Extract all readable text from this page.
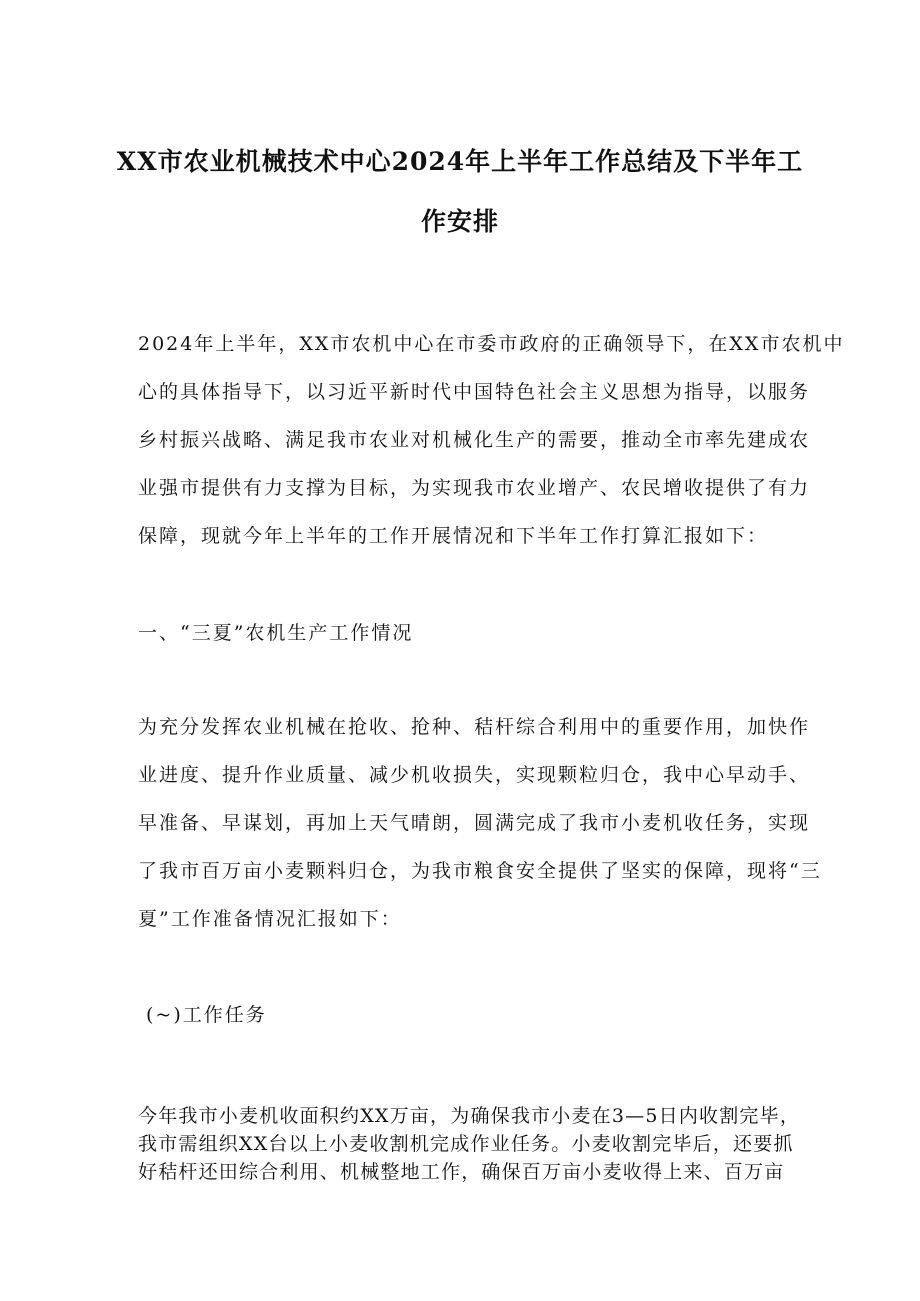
XX市农业机械技术中心2024年上半年工作总结及下半年工
作安排
2024年上半年，XX市农机中心在市委市政府的正确领导下，在XX市农机中
心的具体指导下，以习近平新时代中国特色社会主义思想为指导，以服务
乡村振兴战略、满足我市农业对机械化生产的需要，推动全市率先建成农
业强市提供有力支撑为目标，为实现我市农业增产、农民增收提供了有力
保障，现就今年上半年的工作开展情况和下半年工作打算汇报如下：
一、“三夏”农机生产工作情况
为充分发挥农业机械在抢收、抢种、秸杆综合利用中的重要作用，加快作
业进度、提升作业质量、减少机收损失，实现颗粒归仓，我中心早动手、
早准备、早谋划，再加上天气晴朗，圆满完成了我市小麦机收任务，实现
了我市百万亩小麦颗料归仓，为我市粮食安全提供了坚实的保障，现将“三
夏”工作准备情况汇报如下：
(~)工作任务
今年我市小麦机收面积约XX万亩，为确保我市小麦在3—5日内收割完毕，
我市需组织XX台以上小麦收割机完成作业任务。小麦收割完毕后，还要抓
好秸杆还田综合利用、机械整地工作，确保百万亩小麦收得上来、百万亩
